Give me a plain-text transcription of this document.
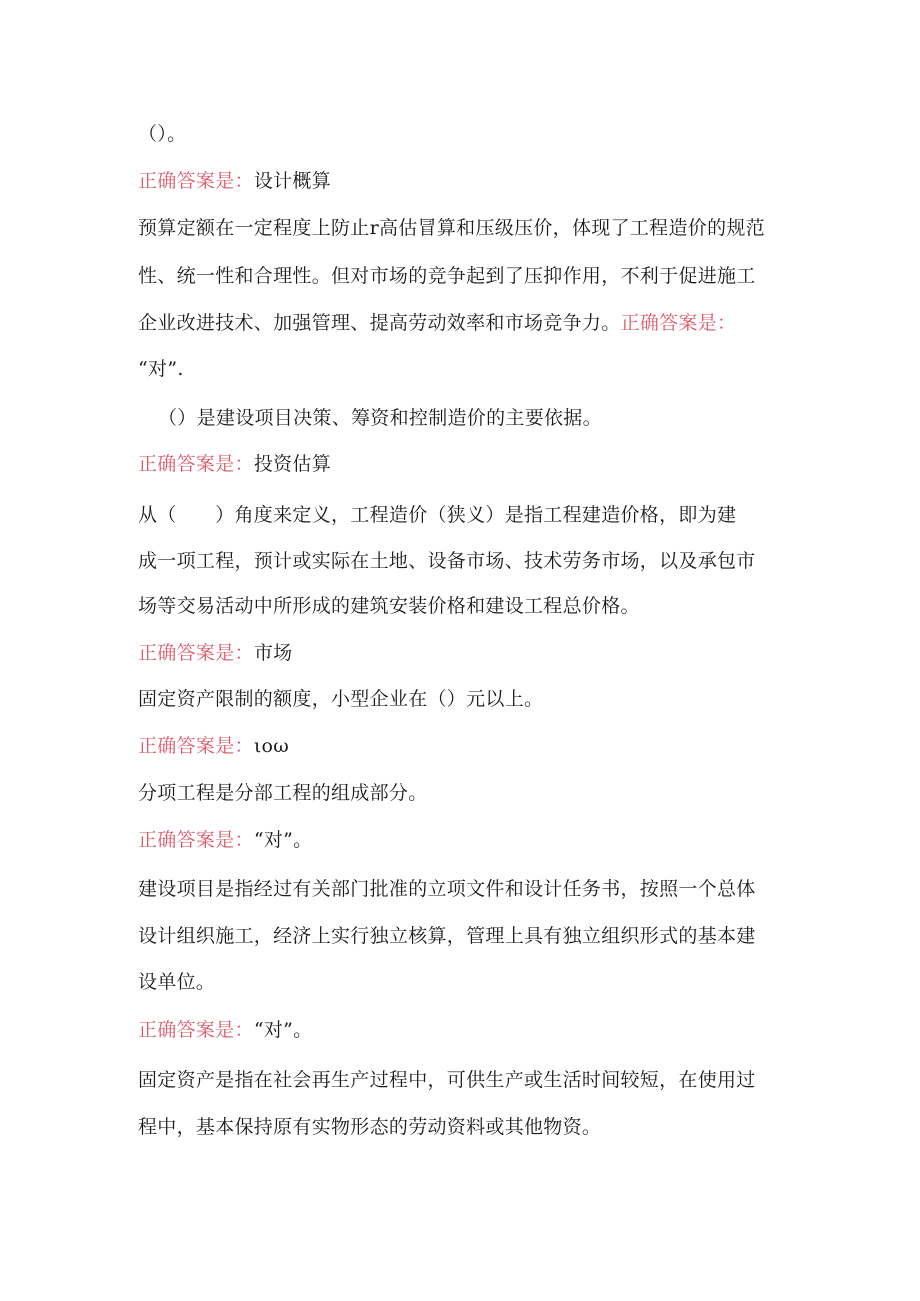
（）。
正确答案是：设计概算
预算定额在一定程度上防止r高估冒算和压级压价，体现了工程造价的规范
性、统一性和合理性。但对市场的竞争起到了压抑作用，不利于促进施工
企业改进技术、加强管理、提高劳动效率和市场竞争力。正确答案是：
“对”.
（）是建设项目决策、筹资和控制造价的主要依据。
正确答案是：投资估算
从（　　）角度来定义，工程造价（狭义）是指工程建造价格，即为建
成一项工程，预计或实际在土地、设备市场、技术劳务市场，以及承包市
场等交易活动中所形成的建筑安装价格和建设工程总价格。
正确答案是：市场
固定资产限制的额度，小型企业在（）元以上。
正确答案是：ιoω
分项工程是分部工程的组成部分。
正确答案是：“对”。
建设项目是指经过有关部门批准的立项文件和设计任务书，按照一个总体
设计组织施工，经济上实行独立核算，管理上具有独立组织形式的基本建
设单位。
正确答案是：“对”。
固定资产是指在社会再生产过程中，可供生产或生活时间较短，在使用过
程中，基本保持原有实物形态的劳动资料或其他物资。
